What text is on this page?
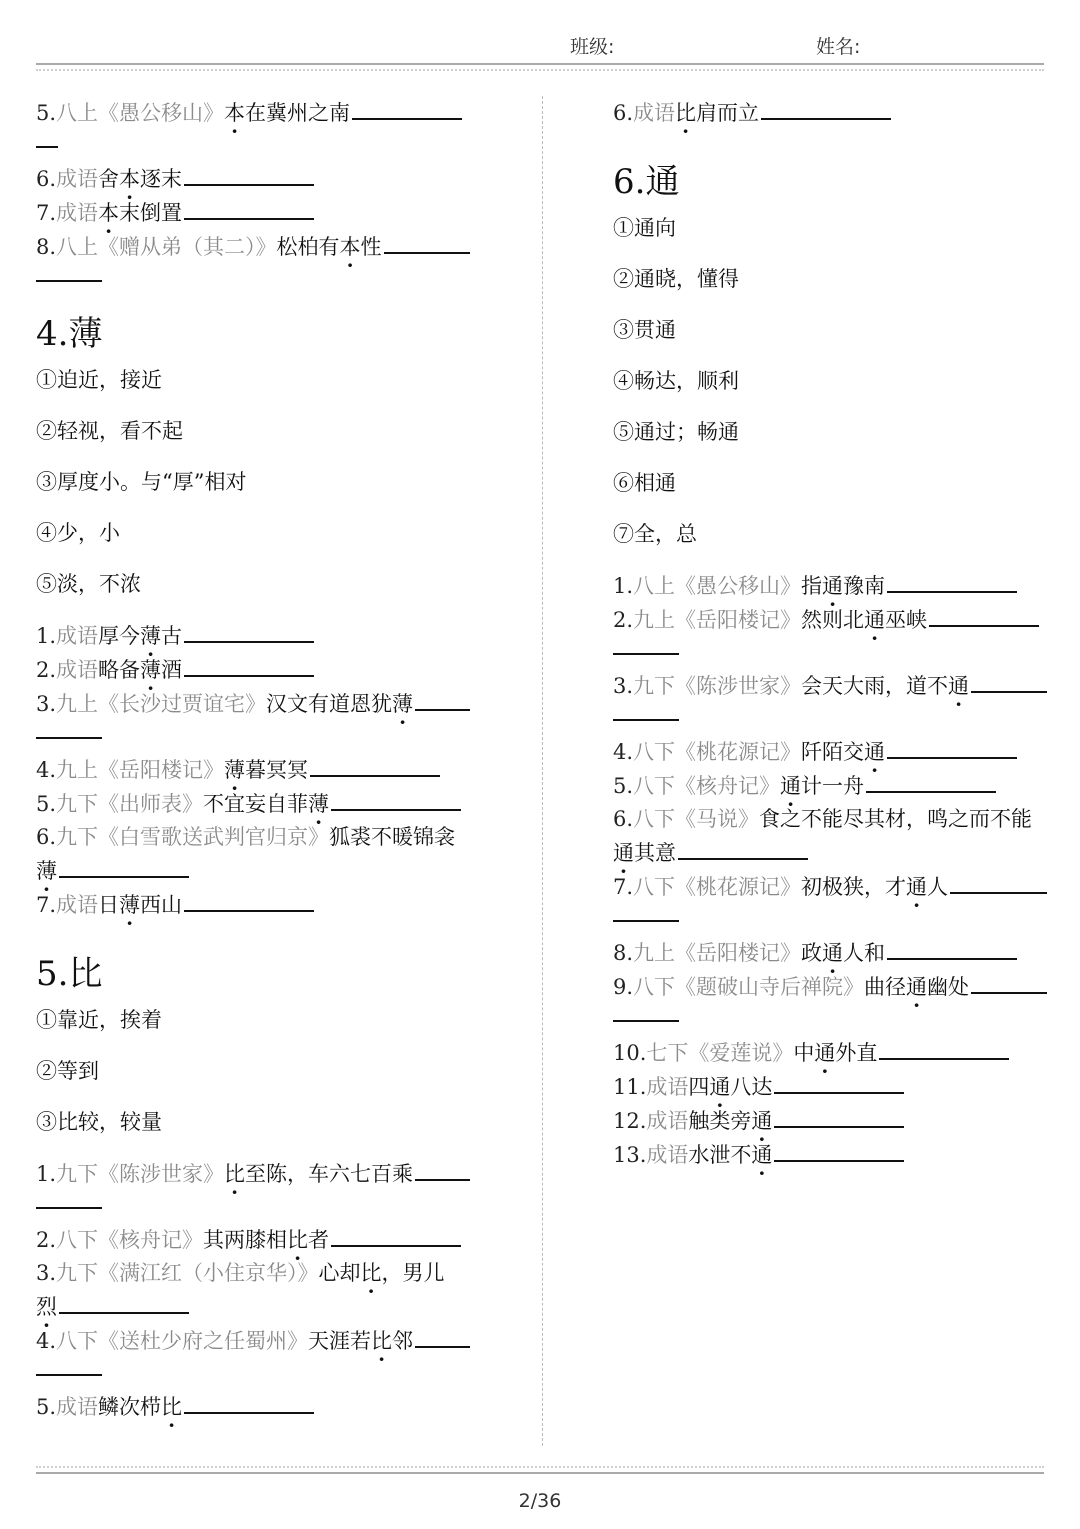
班级:	姓名:
5.八上《愚公移山》本在冀州之南
6.成语舍本逐末
7.成语本末倒置
8.八上《赠从弟（其二）》松柏有本性
4.薄
①迫近，接近
②轻视，看不起
③厚度小。与“厚”相对
④少，小
⑤淡，不浓
1.成语厚今薄古
2.成语略备薄酒
3.九上《长沙过贾谊宅》汉文有道恩犹薄
4.九上《岳阳楼记》薄暮冥冥
5.九下《出师表》不宜妄自菲薄
6.九下《白雪歌送武判官归京》狐裘不暖锦衾
薄
7.成语日薄西山
5.比
①靠近，挨着
②等到
③比较，较量
1.九下《陈涉世家》比至陈，车六七百乘
2.八下《核舟记》其两膝相比者
3.九下《满江红（小住京华）》心却比，男儿
烈
4.八下《送杜少府之任蜀州》天涯若比邻
5.成语鳞次栉比
6.成语比肩而立
6.通
①通向
②通晓，懂得
③贯通
④畅达，顺利
⑤通过；畅通
⑥相通
⑦全，总
1.八上《愚公移山》指通豫南
2.九上《岳阳楼记》然则北通巫峡
3.九下《陈涉世家》会天大雨，道不通
4.八下《桃花源记》阡陌交通
5.八下《核舟记》通计一舟
6.八下《马说》食之不能尽其材，鸣之而不能
通其意
7.八下《桃花源记》初极狭，才通人
8.九上《岳阳楼记》政通人和
9.八下《题破山寺后禅院》曲径通幽处
10.七下《爱莲说》中通外直
11.成语四通八达
12.成语触类旁通
13.成语水泄不通
2/36
